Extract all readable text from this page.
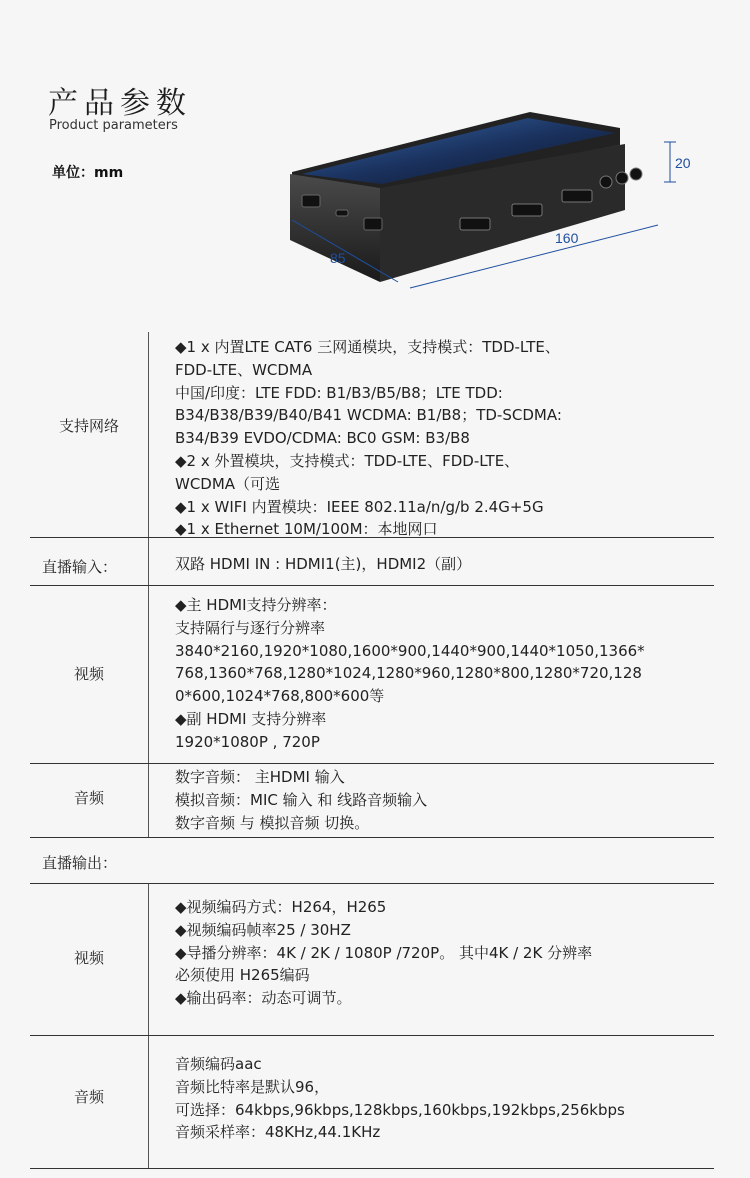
产品参数
Product parameters
单位：mm
85
160
20
支持网络
◆1 x 内置LTE CAT6 三网通模块，支持模式：TDD-LTE、
FDD-LTE、WCDMA
中国/印度：LTE FDD: B1/B3/B5/B8；LTE TDD:
B34/B38/B39/B40/B41 WCDMA: B1/B8；TD-SCDMA:
B34/B39 EVDO/CDMA: BC0 GSM: B3/B8
◆2 x 外置模块，支持模式：TDD-LTE、FDD-LTE、
WCDMA（可选
◆1 x WIFI 内置模块：IEEE 802.11a/n/g/b 2.4G+5G
◆1 x Ethernet 10M/100M：本地网口
直播输入：	双路 HDMI IN : HDMI1(主)，HDMI2（副）
视频
◆主 HDMI支持分辨率：
支持隔行与逐行分辨率
3840*2160,1920*1080,1600*900,1440*900,1440*1050,1366*
768,1360*768,1280*1024,1280*960,1280*800,1280*720,128
0*600,1024*768,800*600等
◆副 HDMI 支持分辨率
1920*1080P , 720P
音频
数字音频： 主HDMI 输入
模拟音频：MIC 输入 和 线路音频输入
数字音频 与 模拟音频 切换。
直播输出：
视频
◆视频编码方式：H264，H265
◆视频编码帧率25 / 30HZ
◆导播分辨率：4K / 2K / 1080P /720P。 其中4K / 2K 分辨率
必须使用 H265编码
◆输出码率：动态可调节。
音频
音频编码aac
音频比特率是默认96，
可选择：64kbps,96kbps,128kbps,160kbps,192kbps,256kbps
音频采样率：48KHz,44.1KHz
